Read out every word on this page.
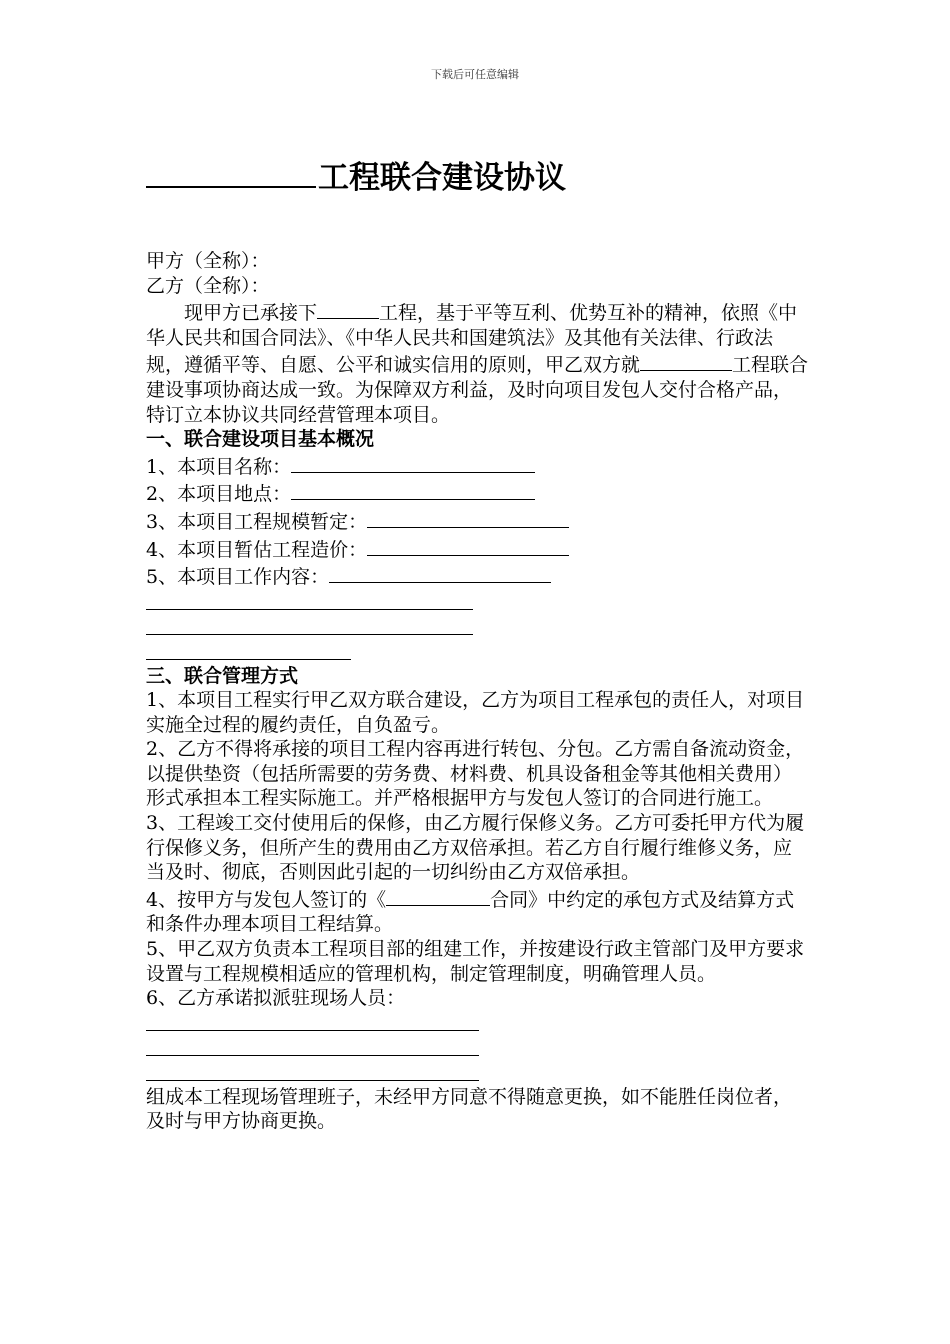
下载后可任意编辑
工程联合建设协议

甲方（全称）：

乙方（全称）：

现甲方已承接下	工程，基于平等互利、优势互补的精神，依照《中华人民共和国合同法》、《中华人民共和国建筑法》及其他有关法律、行政法规，遵循平等、自愿、公平和诚实信用的原则，甲乙双方就	工程联合建设事项协商达成一致。为保障双方利益，及时向项目发包人交付合格产品，特订立本协议共同经营管理本项目。

一、联合建设项目基本概况

1、本项目名称：

2、本项目地点：

3、本项目工程规模暂定：

4、本项目暂估工程造价：

5、本项目工作内容：

三、联合管理方式

1、本项目工程实行甲乙双方联合建设，乙方为项目工程承包的责任人，对项目实施全过程的履约责任，自负盈亏。

2、乙方不得将承接的项目工程内容再进行转包、分包。乙方需自备流动资金，以提供垫资（包括所需要的劳务费、材料费、机具设备租金等其他相关费用）形式承担本工程实际施工。并严格根据甲方与发包人签订的合同进行施工。

3、工程竣工交付使用后的保修，由乙方履行保修义务。乙方可委托甲方代为履行保修义务，但所产生的费用由乙方双倍承担。若乙方自行履行维修义务，应当及时、彻底，否则因此引起的一切纠纷由乙方双倍承担。

4、按甲方与发包人签订的《	合同》中约定的承包方式及结算方式和条件办理本项目工程结算。

5、甲乙双方负责本工程项目部的组建工作，并按建设行政主管部门及甲方要求设置与工程规模相适应的管理机构，制定管理制度，明确管理人员。

6、乙方承诺拟派驻现场人员：

组成本工程现场管理班子，未经甲方同意不得随意更换，如不能胜任岗位者，及时与甲方协商更换。
